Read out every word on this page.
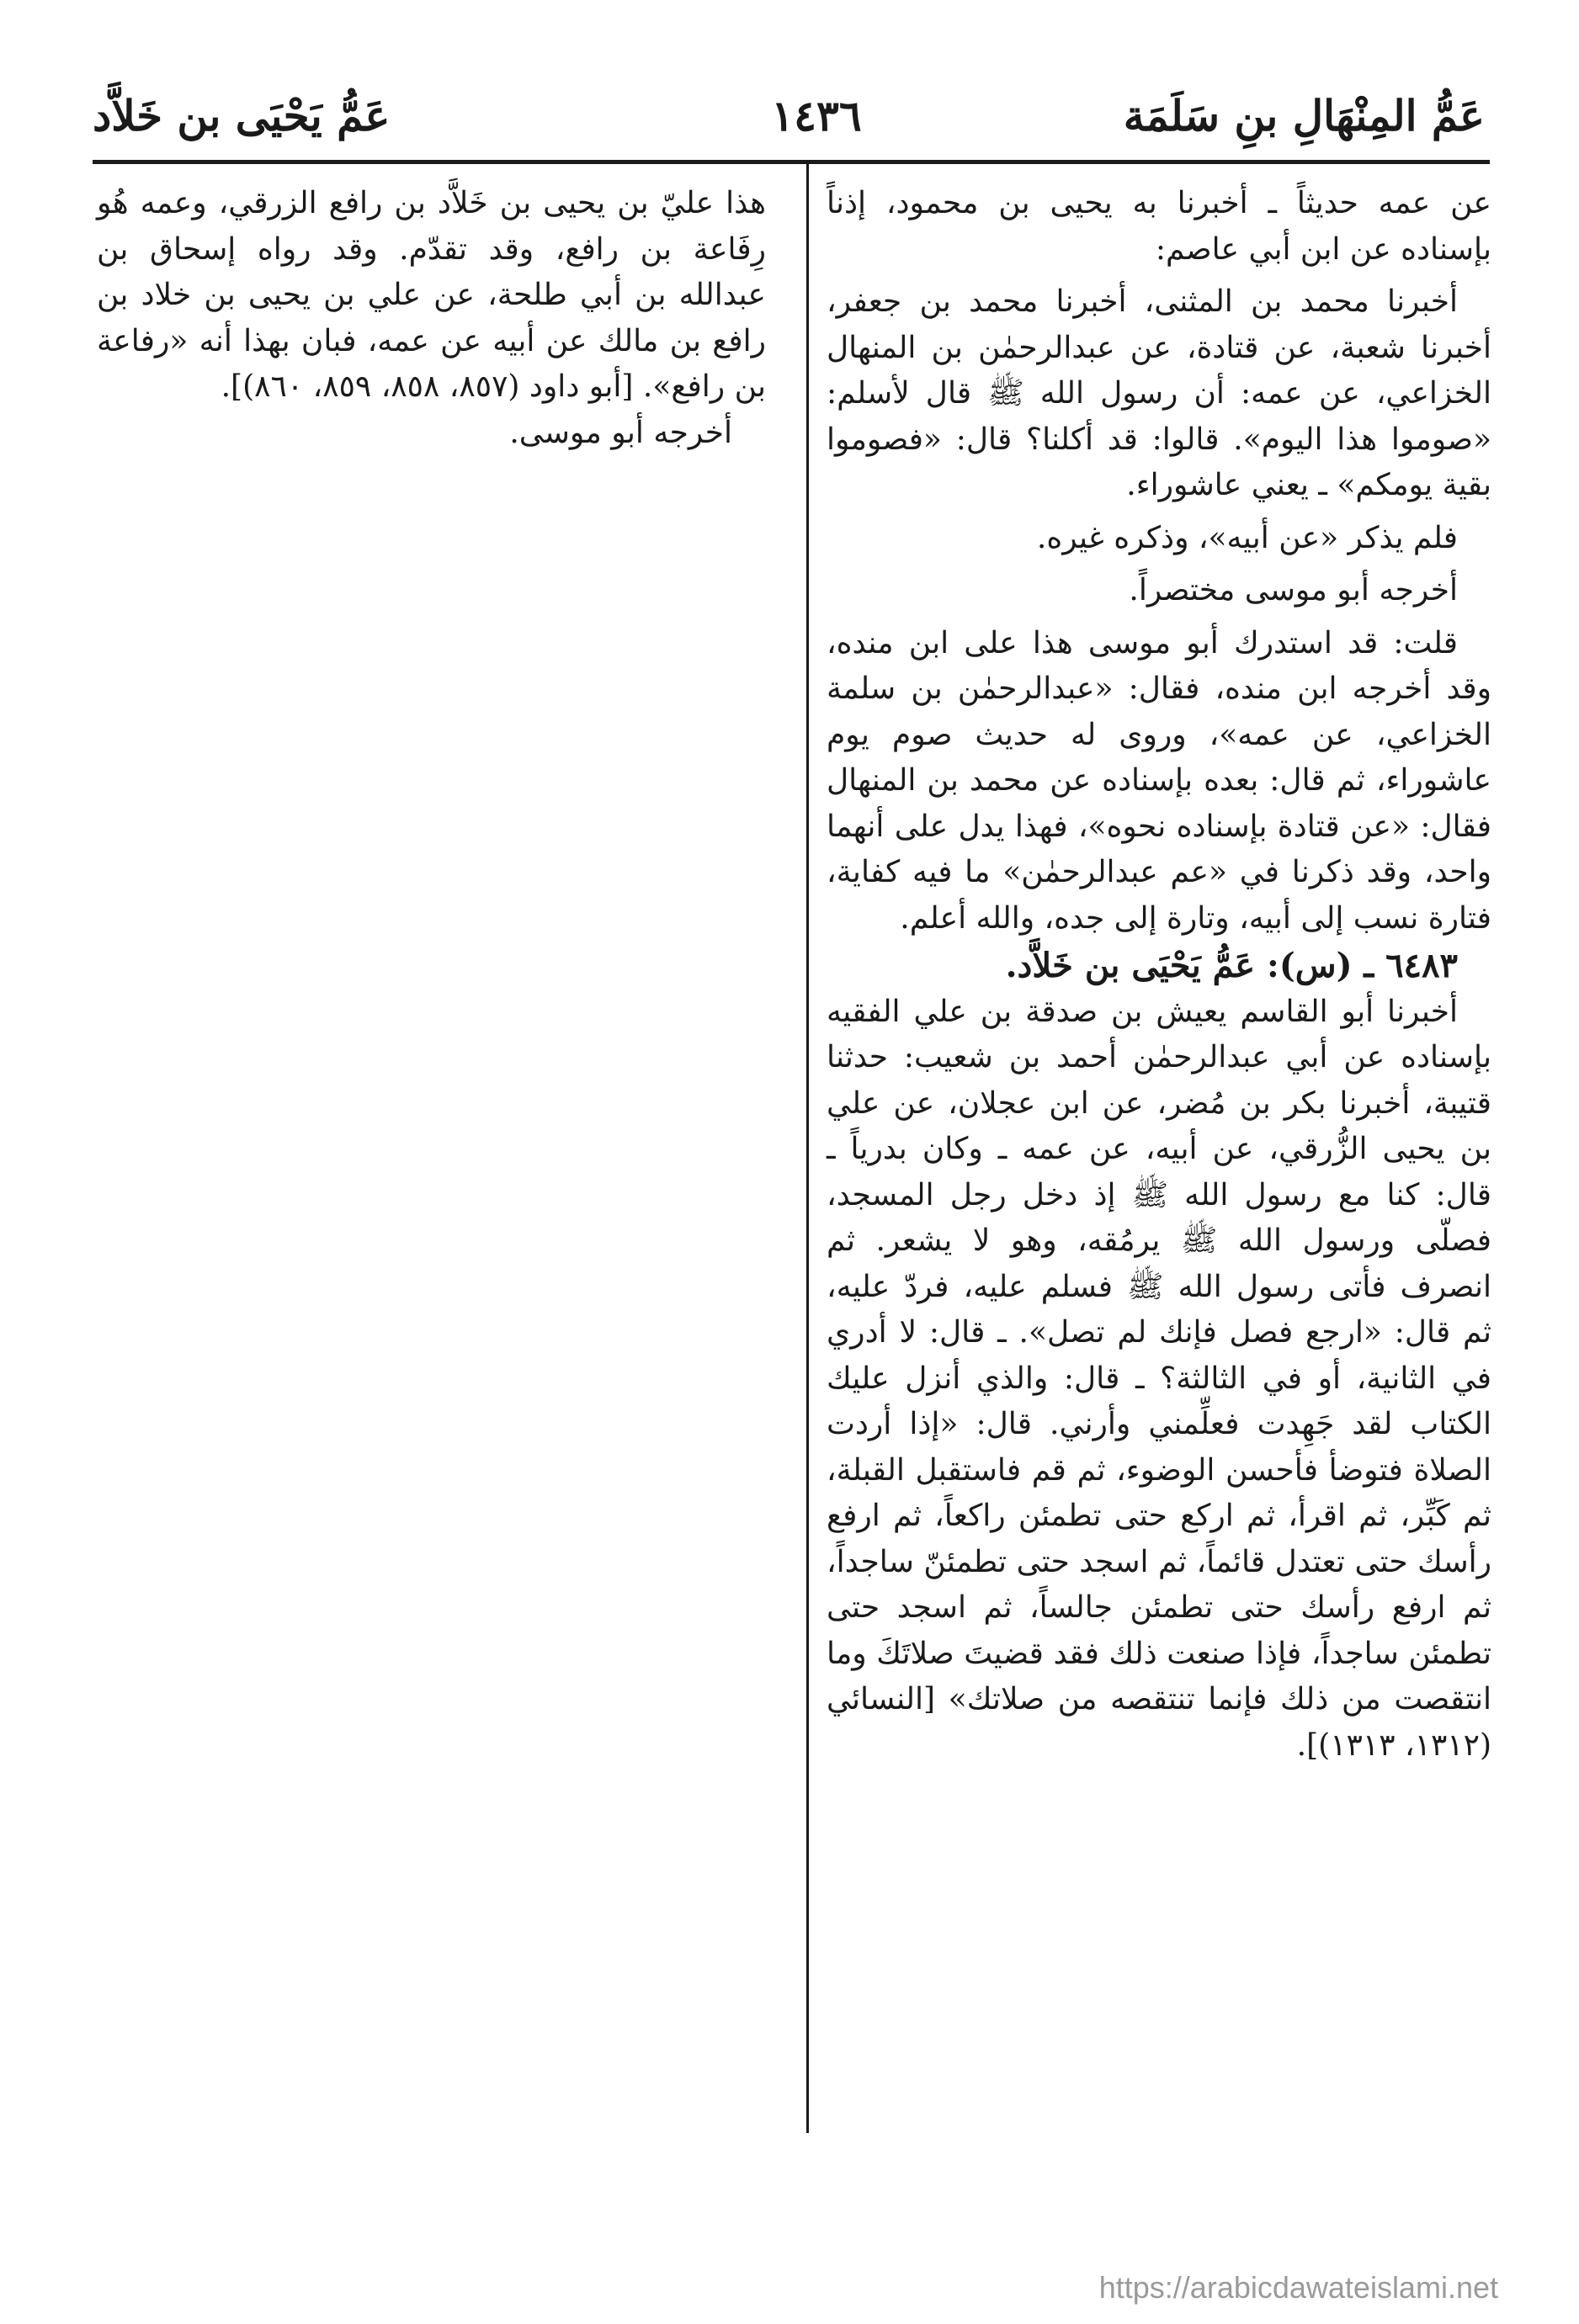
عَمُّ المِنْهَالِ بنِ سَلَمَة
١٤٣٦
عَمُّ يَحْيَى بن خَلاَّد

عن عمه حديثاً ـ أخبرنا به يحيى بن محمود، إذناً بإسناده عن ابن أبي عاصم:

أخبرنا محمد بن المثنى، أخبرنا محمد بن جعفر، أخبرنا شعبة، عن قتادة، عن عبدالرحمٰن بن المنهال الخزاعي، عن عمه: أن رسول الله ﷺ قال لأسلم: «صوموا هذا اليوم». قالوا: قد أكلنا؟ قال: «فصوموا بقية يومكم» ـ يعني عاشوراء.

فلم يذكر «عن أبيه»، وذكره غيره.

أخرجه أبو موسى مختصراً.

قلت: قد استدرك أبو موسى هذا على ابن منده، وقد أخرجه ابن منده، فقال: «عبدالرحمٰن بن سلمة الخزاعي، عن عمه»، وروى له حديث صوم يوم عاشوراء، ثم قال: بعده بإسناده عن محمد بن المنهال فقال: «عن قتادة بإسناده نحوه»، فهذا يدل على أنهما واحد، وقد ذكرنا في «عم عبدالرحمٰن» ما فيه كفاية، فتارة نسب إلى أبيه، وتارة إلى جده، والله أعلم.

٦٤٨٣ ـ (س): عَمُّ يَحْيَى بن خَلاَّد.

أخبرنا أبو القاسم يعيش بن صدقة بن علي الفقيه بإسناده عن أبي عبدالرحمٰن أحمد بن شعيب: حدثنا قتيبة، أخبرنا بكر بن مُضر، عن ابن عجلان، عن علي بن يحيى الزُّرقي، عن أبيه، عن عمه ـ وكان بدرياً ـ قال: كنا مع رسول الله ﷺ إذ دخل رجل المسجد، فصلّى ورسول الله ﷺ يرمُقه، وهو لا يشعر. ثم انصرف فأتى رسول الله ﷺ فسلم عليه، فردّ عليه، ثم قال: «ارجع فصل فإنك لم تصل». ـ قال: لا أدري في الثانية، أو في الثالثة؟ ـ قال: والذي أنزل عليك الكتاب لقد جَهِدت فعلِّمني وأرني. قال: «إذا أردت الصلاة فتوضأ فأحسن الوضوء، ثم قم فاستقبل القبلة، ثم كَبِّر، ثم اقرأ، ثم اركع حتى تطمئن راكعاً، ثم ارفع رأسك حتى تعتدل قائماً، ثم اسجد حتى تطمئنّ ساجداً، ثم ارفع رأسك حتى تطمئن جالساً، ثم اسجد حتى تطمئن ساجداً، فإذا صنعت ذلك فقد قضيتَ صلاتَكَ وما انتقصت من ذلك فإنما تنتقصه من صلاتك» [النسائي (١٣١٢، ١٣١٣)].

هذا عليّ بن يحيى بن خَلاَّد بن رافع الزرقي، وعمه هُو رِفَاعة بن رافع، وقد تقدّم. وقد رواه إسحاق بن عبدالله بن أبي طلحة، عن علي بن يحيى بن خلاد بن رافع بن مالك عن أبيه عن عمه، فبان بهذا أنه «رفاعة بن رافع». [أبو داود (٨٥٧، ٨٥٨، ٨٥٩، ٨٦٠)].

أخرجه أبو موسى.

https://arabicdawateislami.net
